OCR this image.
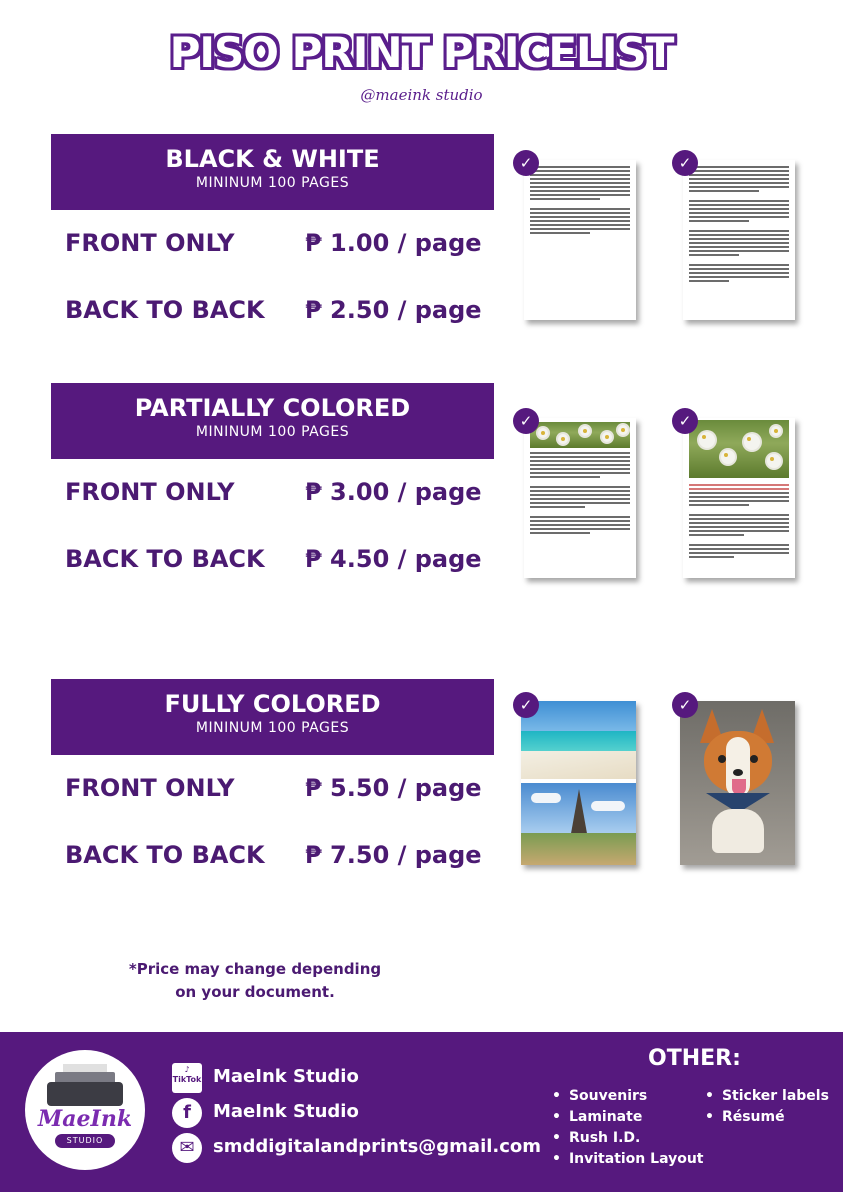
PISO PRINT PRICELIST
@maeink studio
BLACK & WHITE
MININUM 100 PAGES
FRONT ONLY	₱ 1.00 / page
BACK TO BACK ₱ 2.50 / page
✓	✓
PARTIALLY COLORED
MININUM 100 PAGES
FRONT ONLY	₱ 3.00 / page
BACK TO BACK ₱ 4.50 / page
✓	✓
FULLY COLORED
MININUM 100 PAGES
FRONT ONLY	₱ 5.50 / page
BACK TO BACK ₱ 7.50 / page
✓	✓
*Price may change depending
on your document.
MaeInk
STUDIO
♪
TikTok MaeInk Studio
f	MaeInk Studio
✉	smddigitalandprints@gmail.com
OTHER:
• Souvenirs
• Laminate
• Rush I.D.
• Invitation Layout
• Sticker labels
• Résumé
